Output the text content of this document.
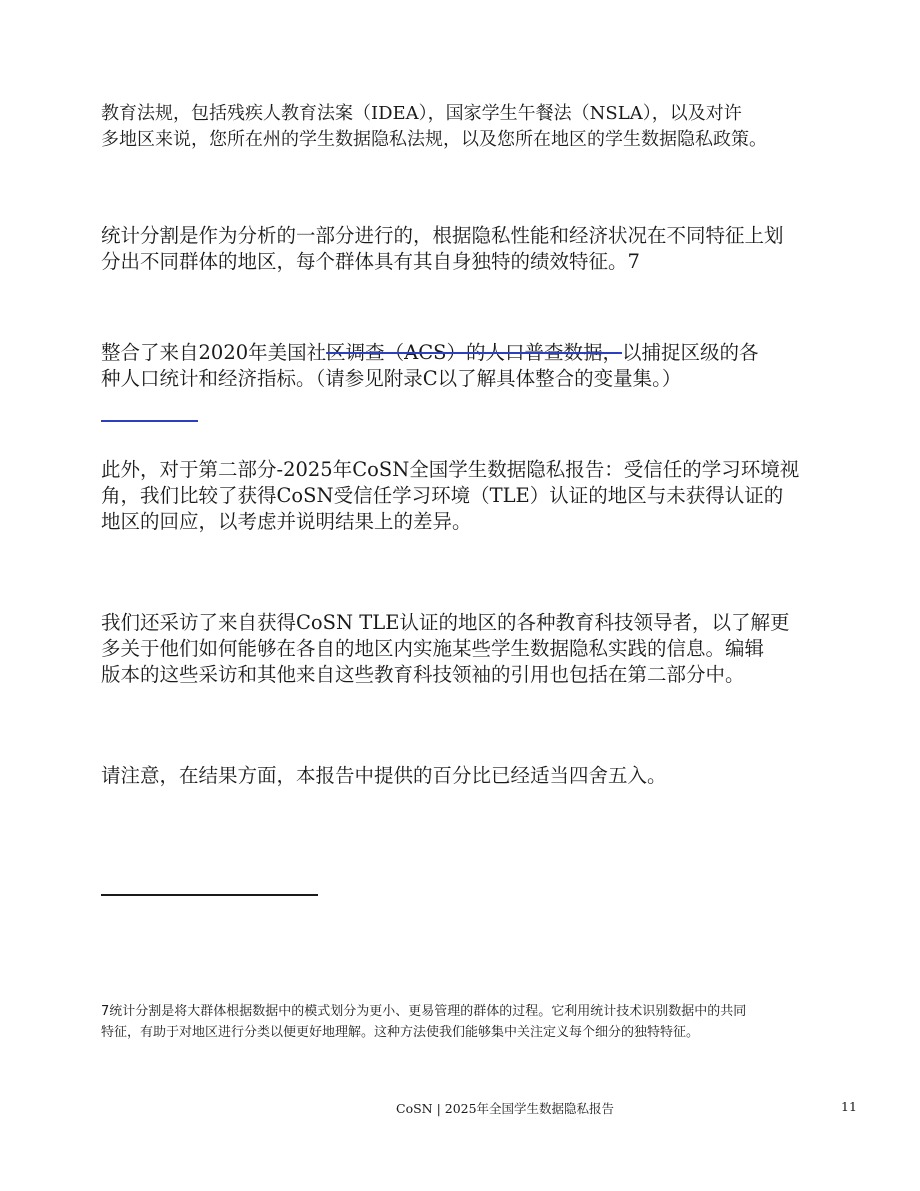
教育法规，包括残疾人教育法案（IDEA），国家学生午餐法（NSLA），以及对许
多地区来说，您所在州的学生数据隐私法规，以及您所在地区的学生数据隐私政策。

统计分割是作为分析的一部分进行的，根据隐私性能和经济状况在不同特征上划
分出不同群体的地区，每个群体具有其自身独特的绩效特征。7

整合了来自2020年美国社区调查（ACS）的人口普查数据，以捕捉区级的各
种人口统计和经济指标。（请参见附录C以了解具体整合的变量集。）

此外，对于第二部分-2025年CoSN全国学生数据隐私报告：受信任的学习环境视
角，我们比较了获得CoSN受信任学习环境（TLE）认证的地区与未获得认证的
地区的回应，以考虑并说明结果上的差异。

我们还采访了来自获得CoSN TLE认证的地区的各种教育科技领导者，以了解更
多关于他们如何能够在各自的地区内实施某些学生数据隐私实践的信息。编辑
版本的这些采访和其他来自这些教育科技领袖的引用也包括在第二部分中。

请注意，在结果方面，本报告中提供的百分比已经适当四舍五入。

7统计分割是将大群体根据数据中的模式划分为更小、更易管理的群体的过程。它利用统计技术识别数据中的共同
特征，有助于对地区进行分类以便更好地理解。这种方法使我们能够集中关注定义每个细分的独特特征。

CoSN | 2025年全国学生数据隐私报告	11
